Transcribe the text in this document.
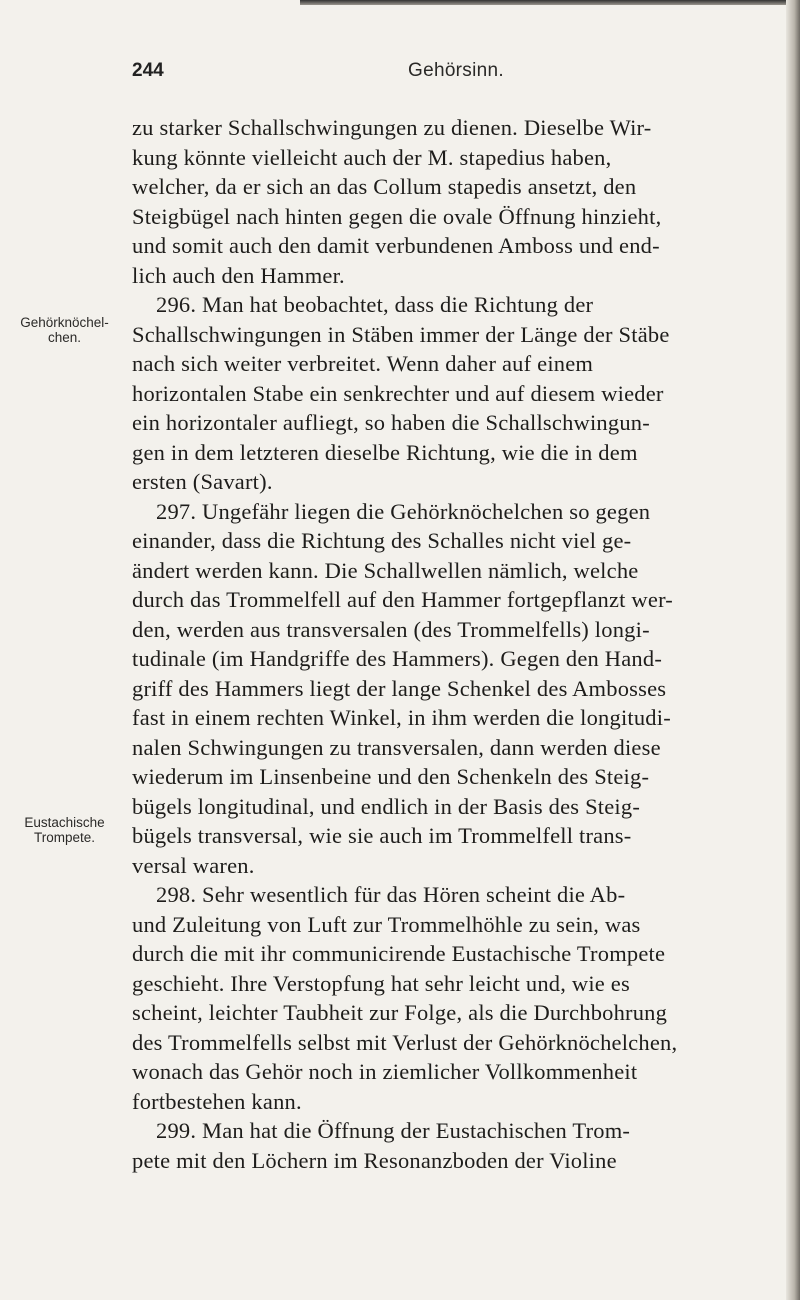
244	Gehörsinn.
Gehörknöchel-
chen.
Eustachische
Trompete.
zu starker Schallschwingungen zu dienen. Dieselbe Wir-
kung könnte vielleicht auch der M. stapedius haben,
welcher, da er sich an das Collum stapedis ansetzt, den
Steigbügel nach hinten gegen die ovale Öffnung hinzieht,
und somit auch den damit verbundenen Amboss und end-
lich auch den Hammer.
296. Man hat beobachtet, dass die Richtung der
Schallschwingungen in Stäben immer der Länge der Stäbe
nach sich weiter verbreitet. Wenn daher auf einem
horizontalen Stabe ein senkrechter und auf diesem wieder
ein horizontaler aufliegt, so haben die Schallschwingun-
gen in dem letzteren dieselbe Richtung, wie die in dem
ersten (Savart).
297. Ungefähr liegen die Gehörknöchelchen so gegen
einander, dass die Richtung des Schalles nicht viel ge-
ändert werden kann. Die Schallwellen nämlich, welche
durch das Trommelfell auf den Hammer fortgepflanzt wer-
den, werden aus transversalen (des Trommelfells) longi-
tudinale (im Handgriffe des Hammers). Gegen den Hand-
griff des Hammers liegt der lange Schenkel des Ambosses
fast in einem rechten Winkel, in ihm werden die longitudi-
nalen Schwingungen zu transversalen, dann werden diese
wiederum im Linsenbeine und den Schenkeln des Steig-
bügels longitudinal, und endlich in der Basis des Steig-
bügels transversal, wie sie auch im Trommelfell trans-
versal waren.
298. Sehr wesentlich für das Hören scheint die Ab-
und Zuleitung von Luft zur Trommelhöhle zu sein, was
durch die mit ihr communicirende Eustachische Trompete
geschieht. Ihre Verstopfung hat sehr leicht und, wie es
scheint, leichter Taubheit zur Folge, als die Durchbohrung
des Trommelfells selbst mit Verlust der Gehörknöchelchen,
wonach das Gehör noch in ziemlicher Vollkommenheit
fortbestehen kann.
299. Man hat die Öffnung der Eustachischen Trom-
pete mit den Löchern im Resonanzboden der Violine
